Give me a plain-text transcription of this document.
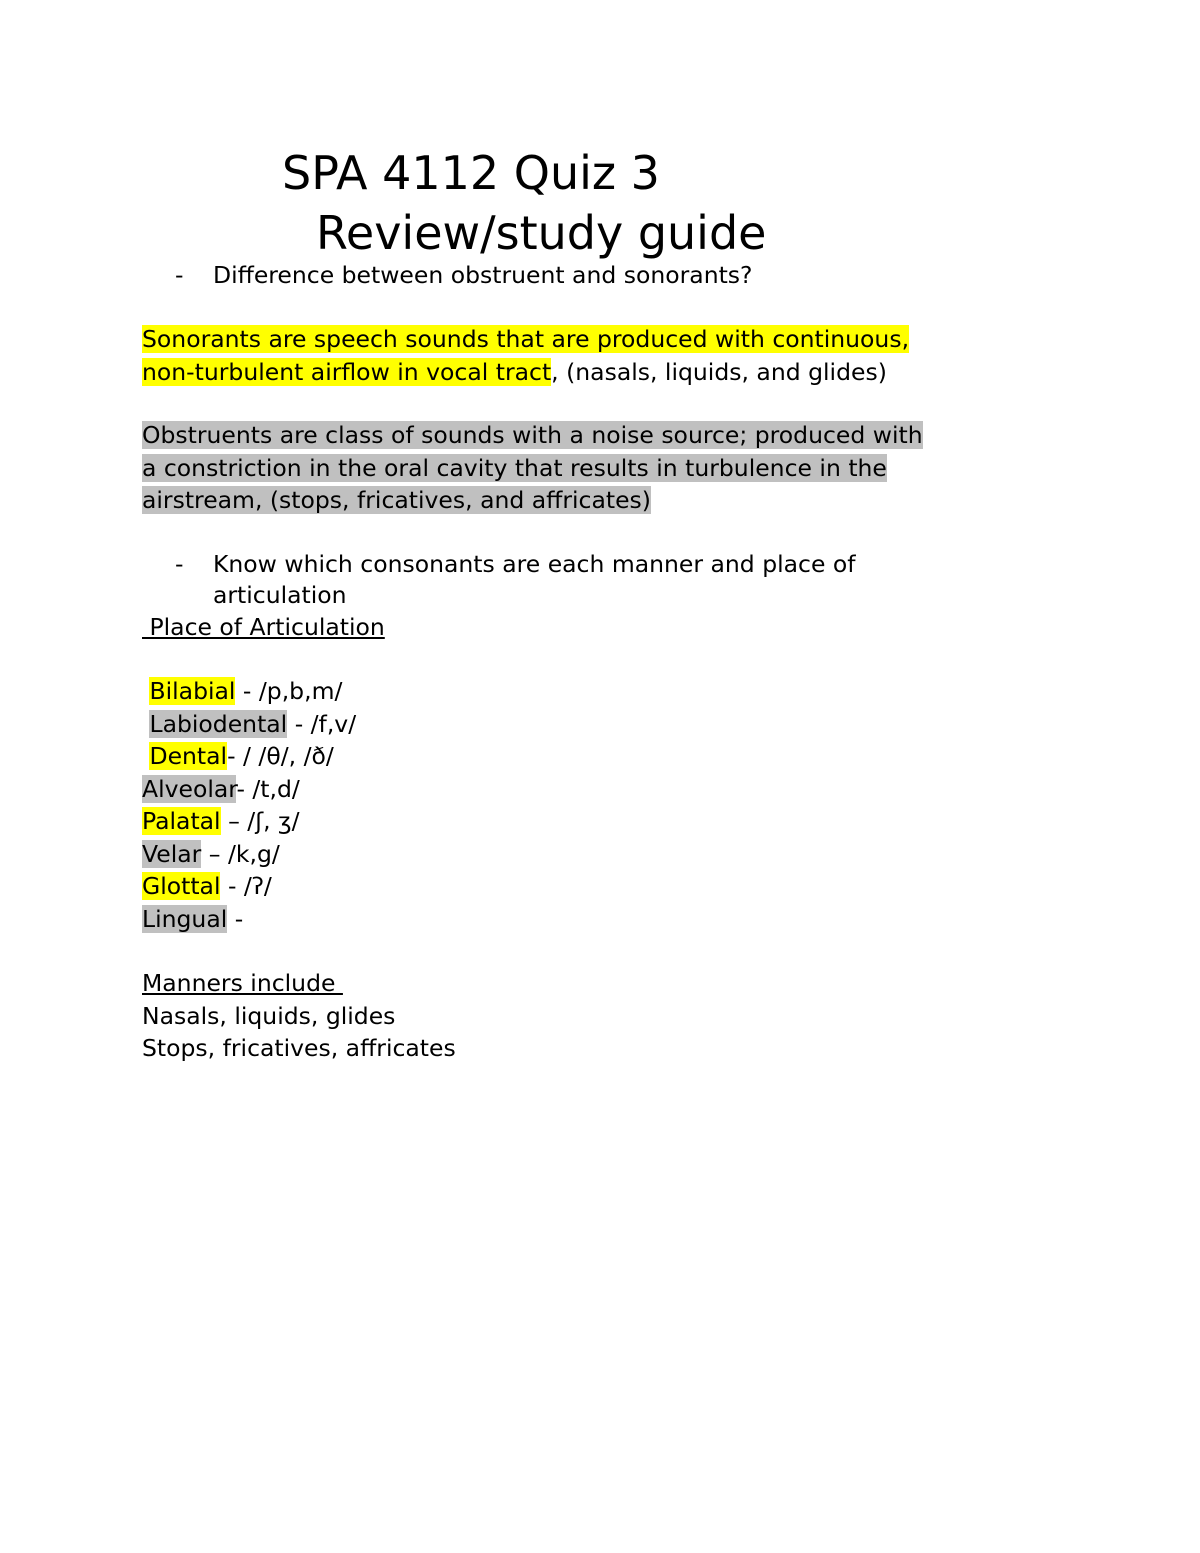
SPA 4112 Quiz 3
Review/study guide
- Difference between obstruent and sonorants?
Sonorants are speech sounds that are produced with continuous,
non-turbulent airflow in vocal tract, (nasals, liquids, and glides)
Obstruents are class of sounds with a noise source; produced with
a constriction in the oral cavity that results in turbulence in the
airstream, (stops, fricatives, and affricates)
- Know which consonants are each manner and place of
articulation
Place of Articulation
Bilabial - /p,b,m/
Labiodental - /f,v/
Dental- / /θ/, /ð/
Alveolar- /t,d/
Palatal – /ʃ, ʒ/
Velar – /k,g/
Glottal - /ʔ/
Lingual -
Manners include
Nasals, liquids, glides
Stops, fricatives, affricates
